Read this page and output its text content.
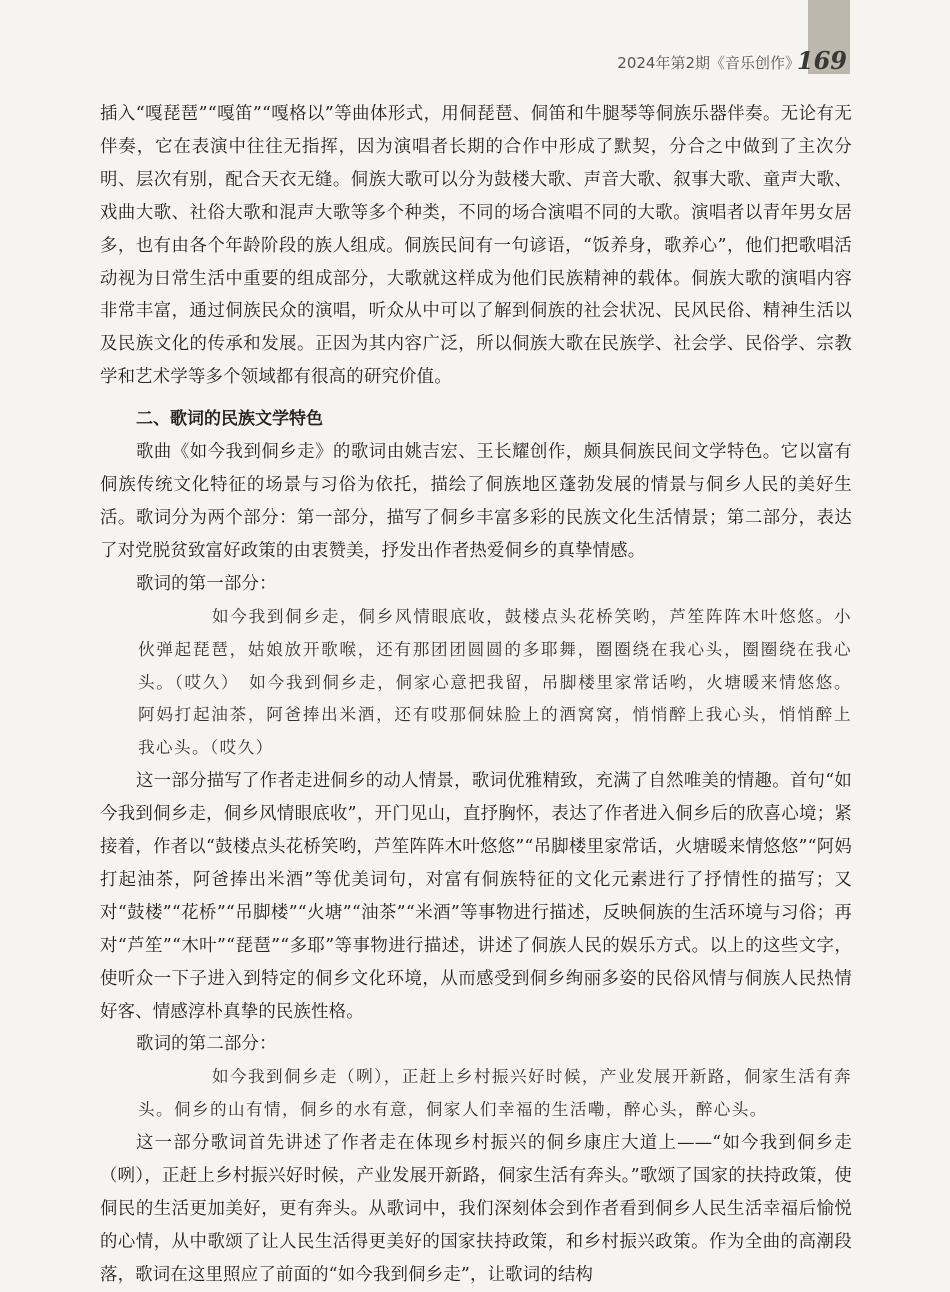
2024年第2期《音乐创作》
169

插入“嘎琵琶”“嘎笛”“嘎格以”等曲体形式，用侗琵琶、侗笛和牛腿琴等侗族乐器伴奏。无论有无伴奏，它在表演中往往无指挥，因为演唱者长期的合作中形成了默契，分合之中做到了主次分明、层次有别，配合天衣无缝。侗族大歌可以分为鼓楼大歌、声音大歌、叙事大歌、童声大歌、戏曲大歌、社俗大歌和混声大歌等多个种类，不同的场合演唱不同的大歌。演唱者以青年男女居多，也有由各个年龄阶段的族人组成。侗族民间有一句谚语，“饭养身，歌养心”，他们把歌唱活动视为日常生活中重要的组成部分，大歌就这样成为他们民族精神的载体。侗族大歌的演唱内容非常丰富，通过侗族民众的演唱，听众从中可以了解到侗族的社会状况、民风民俗、精神生活以及民族文化的传承和发展。正因为其内容广泛，所以侗族大歌在民族学、社会学、民俗学、宗教学和艺术学等多个领域都有很高的研究价值。

二、歌词的民族文学特色

歌曲《如今我到侗乡走》的歌词由姚吉宏、王长耀创作，颇具侗族民间文学特色。它以富有侗族传统文化特征的场景与习俗为依托，描绘了侗族地区蓬勃发展的情景与侗乡人民的美好生活。歌词分为两个部分：第一部分，描写了侗乡丰富多彩的民族文化生活情景；第二部分，表达了对党脱贫致富好政策的由衷赞美，抒发出作者热爱侗乡的真挚情感。

歌词的第一部分：

如今我到侗乡走，侗乡风情眼底收，鼓楼点头花桥笑哟，芦笙阵阵木叶悠悠。小伙弹起琵琶，姑娘放开歌喉，还有那团团圆圆的多耶舞，圈圈绕在我心头，圈圈绕在我心头。（哎久）　如今我到侗乡走，侗家心意把我留，吊脚楼里家常话哟，火塘暖来情悠悠。阿妈打起油茶，阿爸捧出米酒，还有哎那侗妹脸上的酒窝窝，悄悄醉上我心头，悄悄醉上我心头。（哎久）

这一部分描写了作者走进侗乡的动人情景，歌词优雅精致，充满了自然唯美的情趣。首句“如今我到侗乡走，侗乡风情眼底收”，开门见山，直抒胸怀，表达了作者进入侗乡后的欣喜心境；紧接着，作者以“鼓楼点头花桥笑哟，芦笙阵阵木叶悠悠”“吊脚楼里家常话，火塘暖来情悠悠”“阿妈打起油茶，阿爸捧出米酒”等优美词句，对富有侗族特征的文化元素进行了抒情性的描写；又对“鼓楼”“花桥”“吊脚楼”“火塘”“油茶”“米酒”等事物进行描述，反映侗族的生活环境与习俗；再对“芦笙”“木叶”“琵琶”“多耶”等事物进行描述，讲述了侗族人民的娱乐方式。以上的这些文字，使听众一下子进入到特定的侗乡文化环境，从而感受到侗乡绚丽多姿的民俗风情与侗族人民热情好客、情感淳朴真挚的民族性格。

歌词的第二部分：

如今我到侗乡走（咧），正赶上乡村振兴好时候，产业发展开新路，侗家生活有奔头。侗乡的山有情，侗乡的水有意，侗家人们幸福的生活嘞，醉心头，醉心头。

这一部分歌词首先讲述了作者走在体现乡村振兴的侗乡康庄大道上——“如今我到侗乡走（咧），正赶上乡村振兴好时候，产业发展开新路，侗家生活有奔头。”歌颂了国家的扶持政策，使侗民的生活更加美好，更有奔头。从歌词中，我们深刻体会到作者看到侗乡人民生活幸福后愉悦的心情，从中歌颂了让人民生活得更美好的国家扶持政策，和乡村振兴政策。作为全曲的高潮段落，歌词在这里照应了前面的“如今我到侗乡走”，让歌词的结构
